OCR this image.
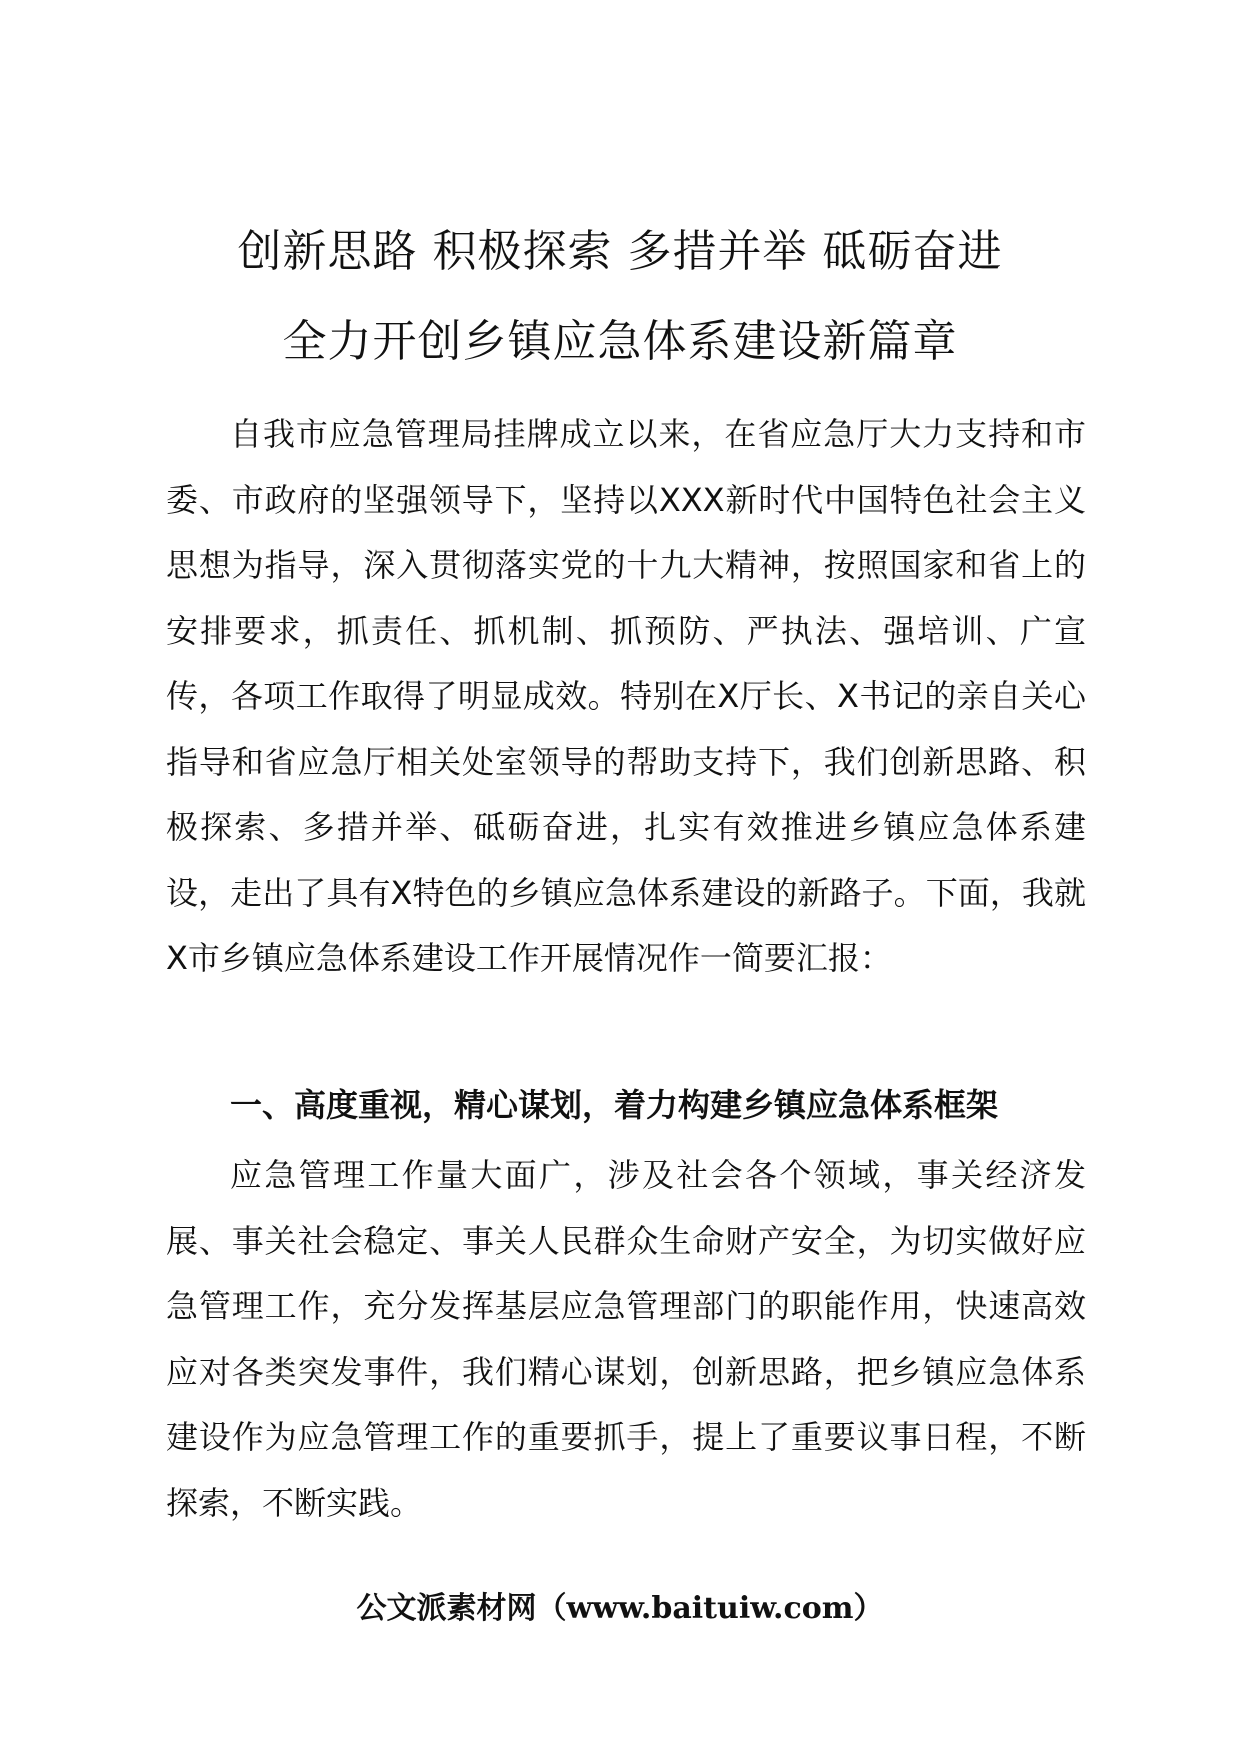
创新思路 积极探索 多措并举 砥砺奋进
全力开创乡镇应急体系建设新篇章

自我市应急管理局挂牌成立以来，在省应急厅大力支持和市委、市政府的坚强领导下，坚持以XXX新时代中国特色社会主义思想为指导，深入贯彻落实党的十九大精神，按照国家和省上的安排要求，抓责任、抓机制、抓预防、严执法、强培训、广宣传，各项工作取得了明显成效。特别在X厅长、X书记的亲自关心指导和省应急厅相关处室领导的帮助支持下，我们创新思路、积极探索、多措并举、砥砺奋进，扎实有效推进乡镇应急体系建设，走出了具有X特色的乡镇应急体系建设的新路子。下面，我就X市乡镇应急体系建设工作开展情况作一简要汇报：

一、高度重视，精心谋划，着力构建乡镇应急体系框架

应急管理工作量大面广，涉及社会各个领域，事关经济发展、事关社会稳定、事关人民群众生命财产安全，为切实做好应急管理工作，充分发挥基层应急管理部门的职能作用，快速高效应对各类突发事件，我们精心谋划，创新思路，把乡镇应急体系建设作为应急管理工作的重要抓手，提上了重要议事日程，不断探索，不断实践。

公文派素材网（www.baituiw.com）
